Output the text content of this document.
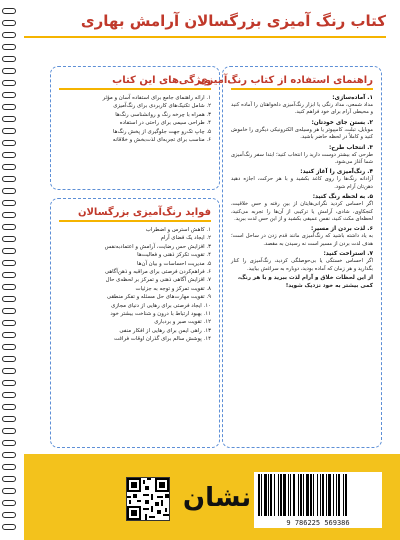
کتاب رنگ آمیزی بزرگسالان آرامش بهاری
ویژگی‌های این کتاب
۱. ارائه راهنمای جامع برای استفاده آسان و مؤثر
۲. شامل تکنیک‌های کاربردی برای رنگ‌آمیزی
۳. همراه با چرخه رنگ و روانشناسی رنگ‌ها
۴. طراحی سیمی برای راحتی در استفاده
۵. چاپ تک‌رو جهت جلوگیری از پخش رنگ‌ها
۶. مناسب برای تجربه‌ای لذت‌بخش و خلاقانه
فواید رنگ‌آمیزی بزرگسالان
۱. کاهش استرس و اضطراب
۲. ایجاد یک فضای آرام
۳. افزایش حس رضایت، آرامش و اعتماد‌به‌نفس
۴. تقویت تکرکز ذهنی و فعالیت‌ها
۵. مدیریت احساسات و بیان آن‌ها
۶. فراهم‌کردن فرصتی برای مراقبه و ذهن‌آگاهی
۷. افزایش آگاهی ذهنی و تمرکز بر لحظه‌ی حال
۸. تقویت تمرکز و توجه به جزئیات
۹. تقویت مهارت‌های حل مسئله و تفکر منطقی
۱۰. ایجاد فرصتی برای رهایی از دنیای مجازی
۱۱. بهبود ارتباط با درون و شناخت بیشتر خود
۱۲. تقویت صبر و بردباری
۱۳. راهی ایمن برای رهایی از افکار منفی
۱۴. پوشش سالم برای گذران اوقات فراغت
راهنمای استفاده از کتاب رنگ‌آمیزی
۱. آماده‌سازی:

مداد شمعی، مداد رنگی یا ابزار رنگ‌آمیزی دلخواهتان را آماده کنید و محیطی آرام برای خود فراهم کنید.

۲. بستن جای خودتان:

موبایل، تبلت، کامپیوتر یا هر وسیله‌ی الکترونیکی دیگری را خاموش کنید و کاملاً در لحظه حاضر باشید.

۳. انتخاب طرح:

طرحی که بیشتر دوست دارید را انتخاب کنید؛ ابتدا سفر رنگ‌آمیزی شما آغاز می‌شود.

۴. رنگ‌آمیزی را آغاز کنید:

آزادانه رنگ‌ها را روی کاغذ بکشید و با هر حرکت، اجازه دهید ذهن‌تان آرام شود.

۵. به لحظه رنگ کنید:

اگر احساس کردید نگرانی‌هایتان از بین رفته و حس خلاقیت، کنجکاوی، شادی، آرامش یا ترکیبی از آن‌ها را تجربه می‌کنید، لحظه‌ای مکث کنید، نفس عمیقی بکشید و از این حس لذت ببرید.

۶. لذت بردن از مسیر:

به یاد داشته باشید که رنگ‌آمیزی مانند قدم زدن در ساحل است؛ هدف لذت بردن از مسیر است نه رسیدن به مقصد.

۷. استراحت کنید:

اگر احساس خستگی یا بی‌حوصلگی کردید، رنگ‌آمیزی را کنار بگذارید و هر زمان که آماده بودید، دوباره به سراغش بیایید.

از این لحظات خلاق و آرام لذت ببرید و با هر رنگ، کمی بیشتر به خود نزدیک شوید!
نشان
9 786225 569386
